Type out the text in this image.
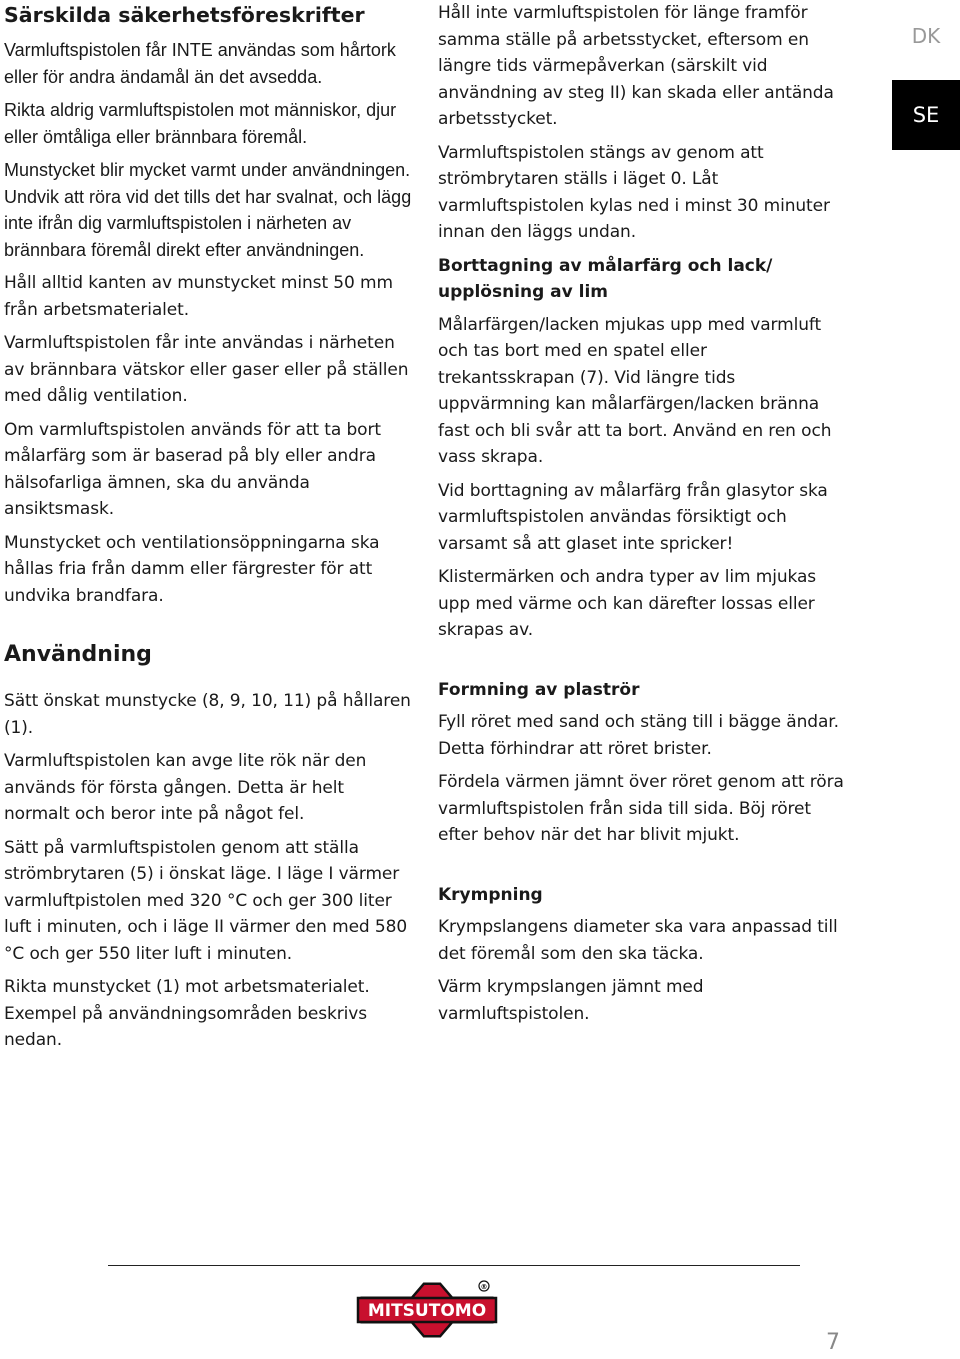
Särskilda säkerhetsföreskrifter

Varmluftspistolen får INTE användas som hårtork eller för andra ändamål än det avsedda.

Rikta aldrig varmluftspistolen mot människor, djur eller ömtåliga eller brännbara föremål.

Munstycket blir mycket varmt under användningen. Undvik att röra vid det tills det har svalnat, och lägg inte ifrån dig varmluftspistolen i närheten av brännbara föremål direkt efter användningen.

Håll alltid kanten av munstycket minst 50 mm från arbetsmaterialet.

Varmluftspistolen får inte användas i närheten av brännbara vätskor eller gaser eller på ställen med dålig ventilation.

Om varmluftspistolen används för att ta bort målarfärg som är baserad på bly eller andra hälsofarliga ämnen, ska du använda ansiktsmask.

Munstycket och ventilationsöppningarna ska hållas fria från damm eller färgrester för att undvika brandfara.

Användning

Sätt önskat munstycke (8, 9, 10, 11) på hållaren (1).

Varmluftspistolen kan avge lite rök när den används för första gången. Detta är helt normalt och beror inte på något fel.

Sätt på varmluftspistolen genom att ställa strömbrytaren (5) i önskat läge. I läge I värmer varmluftpistolen med 320 °C och ger 300 liter luft i minuten, och i läge II värmer den med 580 °C och ger 550 liter luft i minuten.

Rikta munstycket (1) mot arbetsmaterialet. Exempel på användningsområden beskrivs nedan.

Håll inte varmluftspistolen för länge framför samma ställe på arbetsstycket, eftersom en längre tids värmepåverkan (särskilt vid användning av steg II) kan skada eller antända arbetsstycket.

Varmluftspistolen stängs av genom att strömbrytaren ställs i läget 0. Låt varmluftspistolen kylas ned i minst 30 minuter innan den läggs undan.

Borttagning av målarfärg och lack/ upplösning av lim

Målarfärgen/lacken mjukas upp med varmluft och tas bort med en spatel eller trekantsskrapan (7). Vid längre tids uppvärmning kan målarfärgen/lacken bränna fast och bli svår att ta bort. Använd en ren och vass skrapa.

Vid borttagning av målarfärg från glasytor ska varmluftspistolen användas försiktigt och varsamt så att glaset inte spricker!

Klistermärken och andra typer av lim mjukas upp med värme och kan därefter lossas eller skrapas av.

Formning av plaströr

Fyll röret med sand och stäng till i bägge ändar. Detta förhindrar att röret brister.

Fördela värmen jämnt över röret genom att röra varmluftspistolen från sida till sida. Böj röret efter behov när det har blivit mjukt.

Krympning

Krympslangens diameter ska vara anpassad till det föremål som den ska täcka.

Värm krympslangen jämnt med varmluftspistolen.

DK
SE
MITSUTOMO
®
7
